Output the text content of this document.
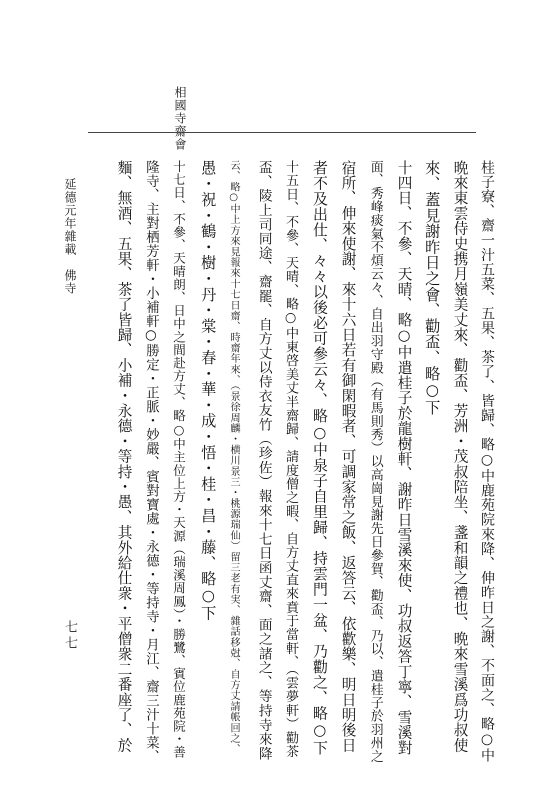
相國寺齋會
桂子寮、齋一汁五菜、五果、茶了、皆歸、略○中鹿苑院來降、伸昨日之謝、不面之、略○中
晩來東雲侍史携月嶺美丈來、勸盃、芳洲・茂叔陪坐、盞和韻之禮也、晩來雪溪爲功叔使
來、蓋見謝昨日之會、勸盃、略○下
十四日、不參、天晴、略○中遣桂子於龍樹軒、謝昨日雪溪來使、功叔返答丁寧、雪溪對
面、秀峰痰氣不煩云々、自出羽守殿（有馬則秀）以高崗見謝先日參賀、勸盃、乃以、遣桂子於羽州之
宿所、伸來使謝、來十六日若有御閑暇者、可調家常之飯、返答云、依歡樂、明日明後日
者不及出仕、々々以後必可參云々、略○中泉子自里歸、持雲門一盆、乃勸之、略○下
十五日、不參、天晴、略○中東啓美丈半齋歸、請度僧之暇、自方丈直來賁于當軒、（雲夢軒）勸茶
盃、陵上司同途、齋罷、自方丈以侍衣友竹（珍佐）報來十七日函丈齋、面之諸之、等持寺來降
云、略○中上方來見報來十七日齋、時齋年來、（景徐周麟・横川景三・桃源瑞仙）留三老有実、雜話移尅、自方丈請帳回之、
愚・祝・鶴・樹・丹・棠・春・華・成・悟・桂・昌・藤、略○下
十七日、不參、天晴朗、日中之間赴方丈、略○中主位上方・天源（瑞溪周鳳）・勝鷺、賓位鹿苑院・善
隆寺、主對栖芳軒・小補軒○勝定・正脈・妙嚴、賓對寶處・永德・等持寺・月江、齋三汁十菜、
麵、無酒、五果、茶了皆歸、小補・永德・等持・愚、其外給仕衆・平僧衆二番座了、於
延德元年雜載　佛寺
七七
